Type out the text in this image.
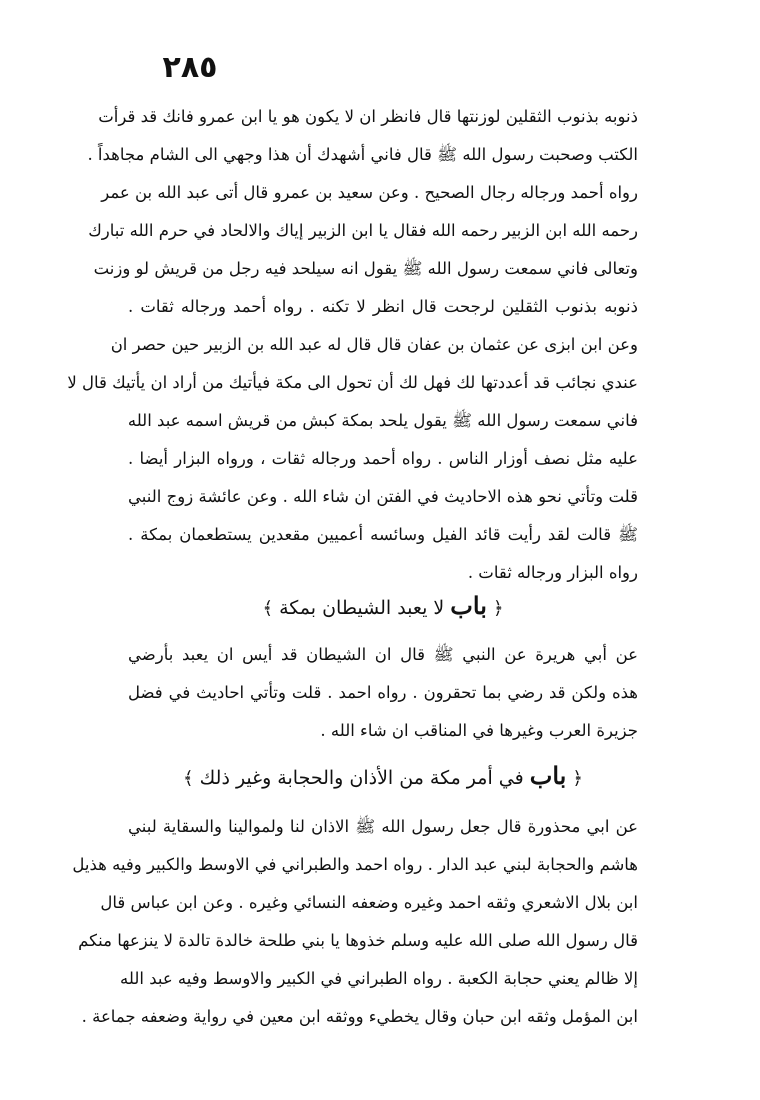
٢٨٥
ذنوبه بذنوب الثقلين لوزنتها قال فانظر ان لا يكون هو يا ابن عمرو فانك قد قرأت
الكتب وصحبت رسول الله ﷺ قال فاني أشهدك أن هذا وجهي الى الشام مجاهداً .
رواه أحمد ورجاله رجال الصحيح . وعن سعيد بن عمرو قال أتى عبد الله بن عمر
رحمه الله ابن الزبير رحمه الله فقال يا ابن الزبير إياك والالحاد في حرم الله تبارك
وتعالى فاني سمعت رسول الله ﷺ يقول انه سيلحد فيه رجل من قريش لو وزنت
ذنوبه بذنوب الثقلين لرجحت قال انظر لا تكنه . رواه أحمد ورجاله ثقات .
وعن ابن ابزى عن عثمان بن عفان قال قال له عبد الله بن الزبير حين حصر ان
عندي نجائب قد أعددتها لك فهل لك أن تحول الى مكة فيأتيك من أراد ان يأتيك قال لا
فاني سمعت رسول الله ﷺ يقول يلحد بمكة كبش من قريش اسمه عبد الله
عليه مثل نصف أوزار الناس . رواه أحمد ورجاله ثقات ، ورواه البزار أيضا .
قلت وتأتي نحو هذه الاحاديث في الفتن ان شاء الله . وعن عائشة زوج النبي
ﷺ قالت لقد رأيت قائد الفيل وسائسه أعميين مقعدين يستطعمان بمكة .
رواه البزار ورجاله ثقات .
﴿ باب لا يعبد الشيطان بمكة ﴾
عن أبي هريرة عن النبي ﷺ قال ان الشيطان قد أيس ان يعبد بأرضي
هذه ولكن قد رضي بما تحقرون . رواه احمد . قلت وتأتي احاديث في فضل
جزيرة العرب وغيرها في المناقب ان شاء الله .
﴿ باب في أمر مكة من الأذان والحجابة وغير ذلك ﴾
عن ابي محذورة قال جعل رسول الله ﷺ الاذان لنا ولموالينا والسقاية لبني
هاشم والحجابة لبني عبد الدار . رواه احمد والطبراني في الاوسط والكبير وفيه هذيل
ابن بلال الاشعري وثقه احمد وغيره وضعفه النسائي وغيره . وعن ابن عباس قال
قال رسول الله صلى الله عليه وسلم خذوها يا بني طلحة خالدة تالدة لا ينزعها منكم
إلا ظالم يعني حجابة الكعبة . رواه الطبراني في الكبير والاوسط وفيه عبد الله
ابن المؤمل وثقه ابن حبان وقال يخطيء ووثقه ابن معين في رواية وضعفه جماعة .
